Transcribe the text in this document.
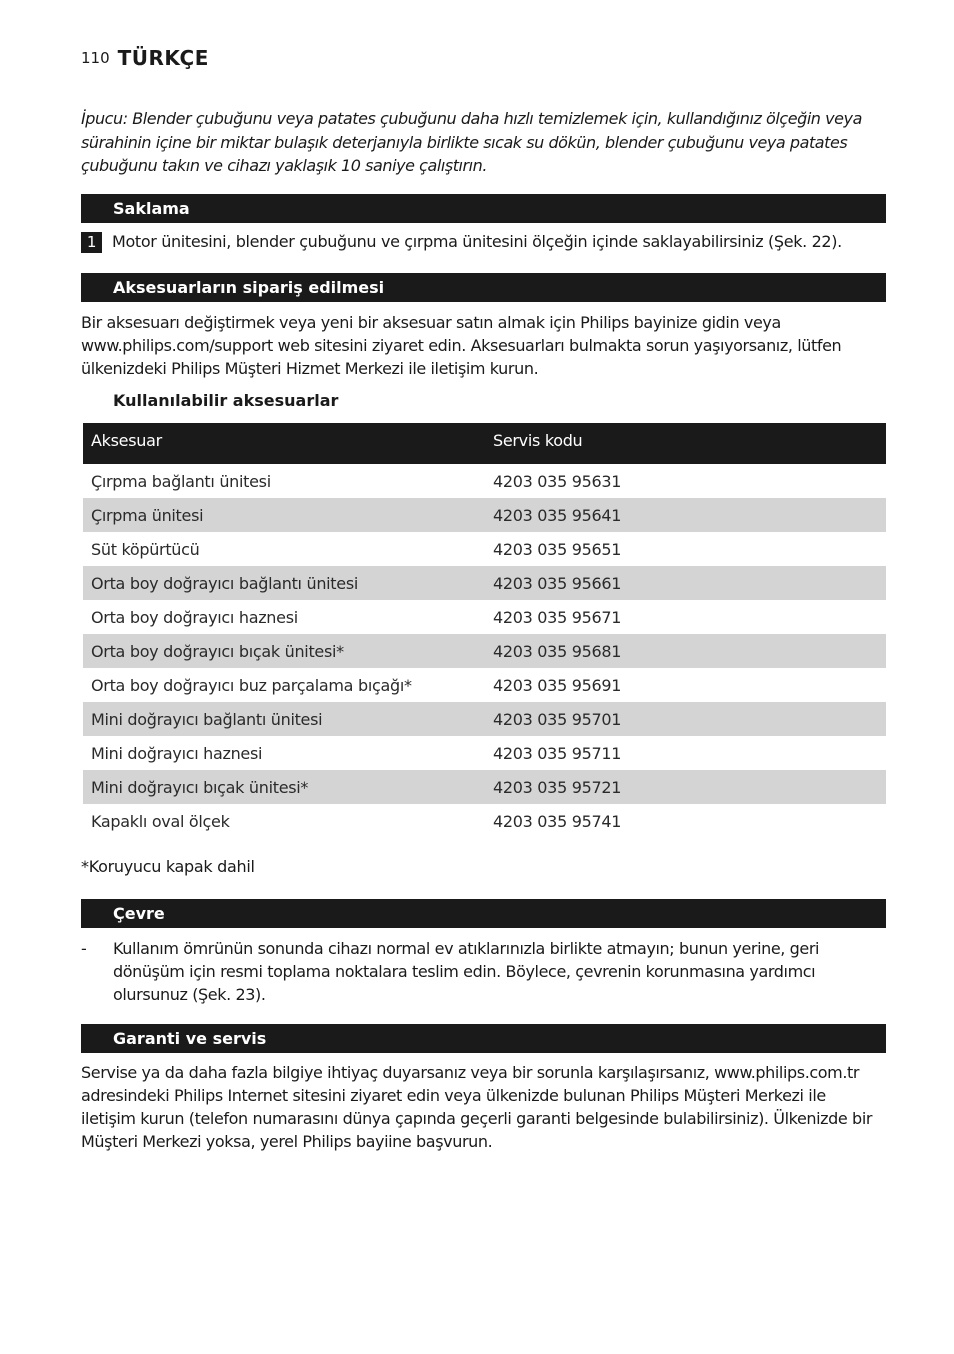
110 TÜRKÇE
İpucu: Blender çubuğunu veya patates çubuğunu daha hızlı temizlemek için, kullandığınız ölçeğin veya sürahinin içine bir miktar bulaşık deterjanıyla birlikte sıcak su dökün, blender çubuğunu veya patates çubuğunu takın ve cihazı yaklaşık 10 saniye çalıştırın.
Saklama
1 Motor ünitesini, blender çubuğunu ve çırpma ünitesini ölçeğin içinde saklayabilirsiniz (Şek. 22).
Aksesuarların sipariş edilmesi
Bir aksesuarı değiştirmek veya yeni bir aksesuar satın almak için Philips bayinize gidin veya www.philips.com/support web sitesini ziyaret edin. Aksesuarları bulmakta sorun yaşıyorsanız, lütfen ülkenizdeki Philips Müşteri Hizmet Merkezi ile iletişim kurun.
Kullanılabilir aksesuarlar
Aksesuar	Servis kodu
Çırpma bağlantı ünitesi	4203 035 95631
Çırpma ünitesi	4203 035 95641
Süt köpürtücü	4203 035 95651
Orta boy doğrayıcı bağlantı ünitesi	4203 035 95661
Orta boy doğrayıcı haznesi	4203 035 95671
Orta boy doğrayıcı bıçak ünitesi*	4203 035 95681
Orta boy doğrayıcı buz parçalama bıçağı*	4203 035 95691
Mini doğrayıcı bağlantı ünitesi	4203 035 95701
Mini doğrayıcı haznesi	4203 035 95711
Mini doğrayıcı bıçak ünitesi*	4203 035 95721
Kapaklı oval ölçek	4203 035 95741
*Koruyucu kapak dahil
Çevre
- Kullanım ömrünün sonunda cihazı normal ev atıklarınızla birlikte atmayın; bunun yerine, geri dönüşüm için resmi toplama noktalara teslim edin. Böylece, çevrenin korunmasına yardımcı olursunuz (Şek. 23).
Garanti ve servis
Servise ya da daha fazla bilgiye ihtiyaç duyarsanız veya bir sorunla karşılaşırsanız, www.philips.com.tr adresindeki Philips Internet sitesini ziyaret edin veya ülkenizde bulunan Philips Müşteri Merkezi ile iletişim kurun (telefon numarasını dünya çapında geçerli garanti belgesinde bulabilirsiniz). Ülkenizde bir Müşteri Merkezi yoksa, yerel Philips bayiine başvurun.
